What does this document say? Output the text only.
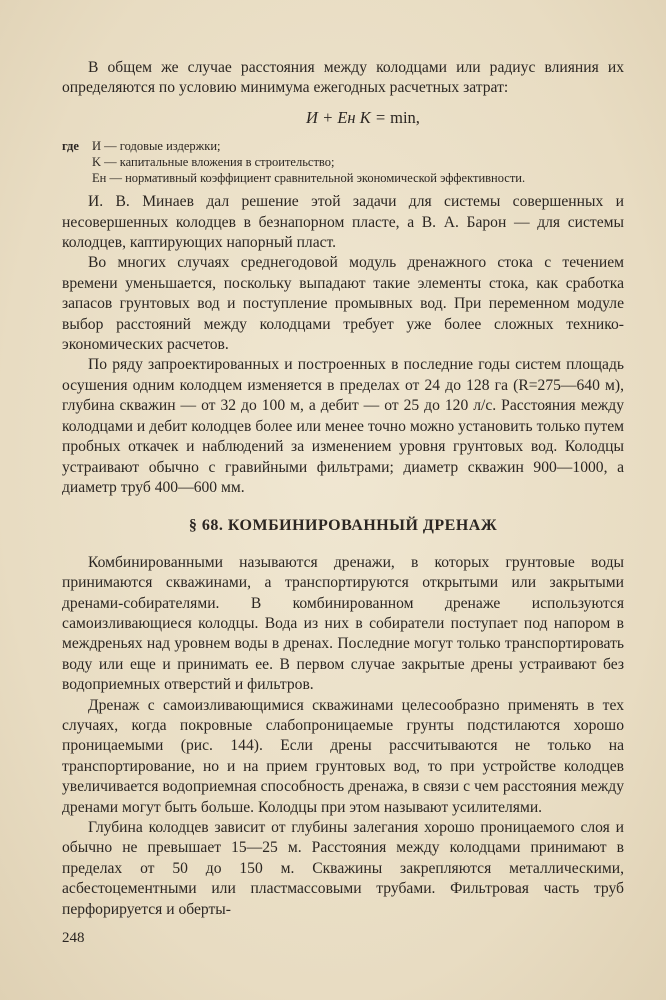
В общем же случае расстояния между колодцами или радиус влияния их определяются по условию минимума ежегодных расчетных затрат:

И + Eн K = min,
где	И — годовые издержки;
K — капитальные вложения в строительство;
Eн — нормативный коэффициент сравнительной экономической эффективности.

И. В. Минаев дал решение этой задачи для системы совершенных и несовершенных колодцев в безнапорном пласте, а В. А. Барон — для системы колодцев, каптирующих напорный пласт.

Во многих случаях среднегодовой модуль дренажного стока с течением времени уменьшается, поскольку выпадают такие элементы стока, как сработка запасов грунтовых вод и поступление промывных вод. При переменном модуле выбор расстояний между колодцами требует уже более сложных технико-экономических расчетов.

По ряду запроектированных и построенных в последние годы систем площадь осушения одним колодцем изменяется в пределах от 24 до 128 га (R=275—640 м), глубина скважин — от 32 до 100 м, а дебит — от 25 до 120 л/с. Расстояния между колодцами и дебит колодцев более или менее точно можно установить только путем пробных откачек и наблюдений за изменением уровня грунтовых вод. Колодцы устраивают обычно с гравийными фильтрами; диаметр скважин 900—1000, а диаметр труб 400—600 мм.

§ 68. КОМБИНИРОВАННЫЙ ДРЕНАЖ

Комбинированными называются дренажи, в которых грунтовые воды принимаются скважинами, а транспортируются открытыми или закрытыми дренами-собирателями. В комбинированном дренаже используются самоизливающиеся колодцы. Вода из них в собиратели поступает под напором в междреньях над уровнем воды в дренах. Последние могут только транспортировать воду или еще и принимать ее. В первом случае закрытые дрены устраивают без водоприемных отверстий и фильтров.

Дренаж с самоизливающимися скважинами целесообразно применять в тех случаях, когда покровные слабопроницаемые грунты подстилаются хорошо проницаемыми (рис. 144). Если дрены рассчитываются не только на транспортирование, но и на прием грунтовых вод, то при устройстве колодцев увеличивается водоприемная способность дренажа, в связи с чем расстояния между дренами могут быть больше. Колодцы при этом называют усилителями.

Глубина колодцев зависит от глубины залегания хорошо проницаемого слоя и обычно не превышает 15—25 м. Расстояния между колодцами принимают в пределах от 50 до 150 м. Скважины закрепляются металлическими, асбестоцементными или пластмассовыми трубами. Фильтровая часть труб перфорируется и оберты-

248
